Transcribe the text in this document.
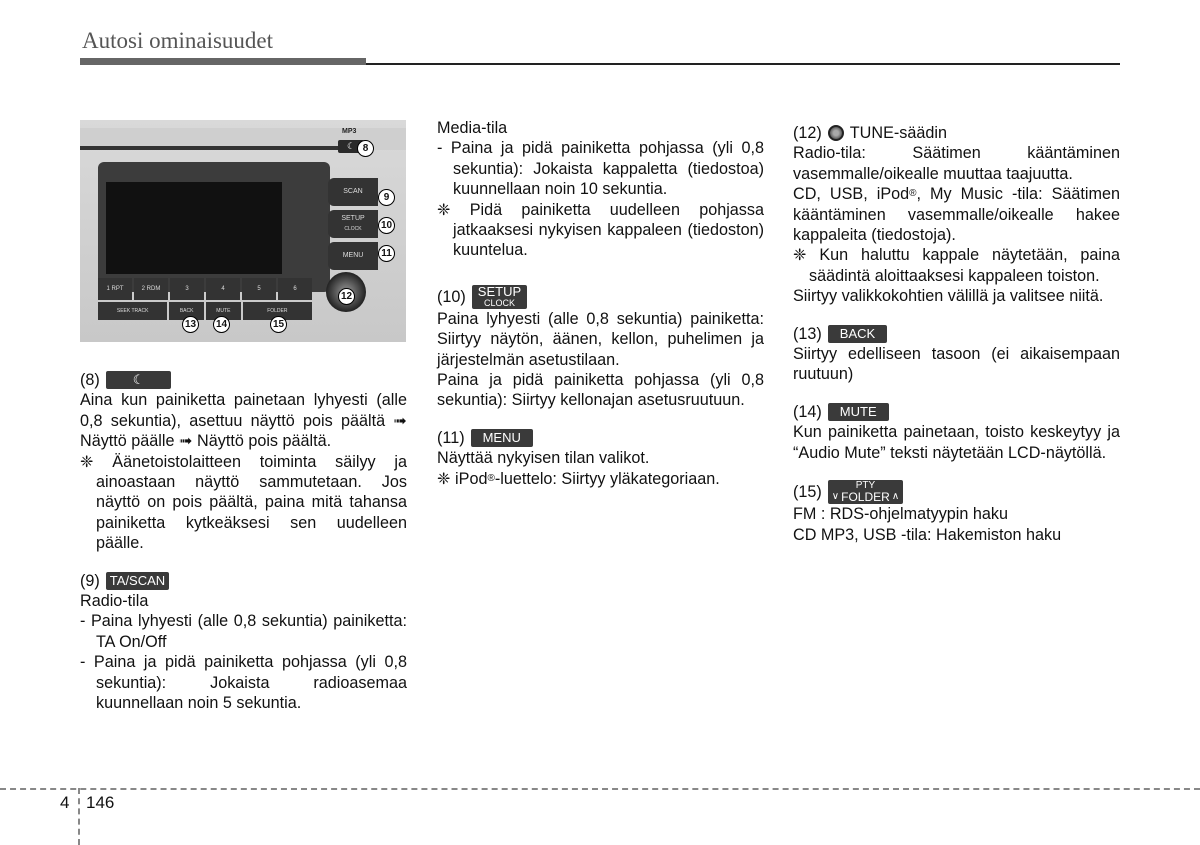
Autosi ominaisuudet
MP3
☾ 8
SCAN
9
SETUP
CLOCK	10
MENU	11
1 RPT	2 RDM	3	4	5	6
SEEK TRACK	BACK	MUTE	FOLDER
13 14	15
12
(8)	☾

Aina kun painiketta painetaan lyhyesti (alle 0,8 sekuntia), asettuu näyttö pois päältä ➟ Näyttö päälle ➟ Näyttö pois päältä.

❈ Äänetoistolaitteen toiminta säilyy ja ainoastaan näyttö sammutetaan. Jos näyttö on pois päältä, paina mitä tahansa painiketta kytkeäksesi sen uudelleen päälle.

(9) TA/SCAN

Radio-tila

- Paina lyhyesti (alle 0,8 sekuntia) painiketta: TA On/Off

- Paina ja pidä painiketta pohjassa (yli 0,8 sekuntia): Jokaista radioasemaa kuunnellaan noin 5 sekuntia.

Media-tila

- Paina ja pidä painiketta pohjassa (yli 0,8 sekuntia): Jokaista kappaletta (tiedostoa) kuunnellaan noin 10 sekuntia.

❈ Pidä painiketta uudelleen pohjassa jatkaaksesi nykyisen kappaleen (tiedoston) kuuntelua.

(10) SETUP
CLOCK

Paina lyhyesti (alle 0,8 sekuntia) painiketta: Siirtyy näytön, äänen, kellon, puhelimen ja järjestelmän asetustilaan.

Paina ja pidä painiketta pohjassa (yli 0,8 sekuntia): Siirtyy kellonajan asetusruutuun.

(11)	MENU

Näyttää nykyisen tilan valikot.

❈ iPod®-luettelo: Siirtyy yläkategoriaan.

(12) TUNE-säädin

Radio-tila: Säätimen kääntäminen vasemmalle/oikealle muuttaa taajuutta.

CD, USB, iPod®, My Music -tila: Säätimen kääntäminen vasemmalle/oikealle hakee kappaleita (tiedostoja).

❈ Kun haluttu kappale näytetään, paina säädintä aloittaaksesi kappaleen toiston.

Siirtyy valikkokohtien välillä ja valitsee niitä.

(13)	BACK

Siirtyy edelliseen tasoon (ei aikaisempaan ruutuun)

(14)	MUTE

Kun painiketta painetaan, toisto keskeytyy ja “Audio Mute” teksti näytetään LCD-näytöllä.

(15) ∨
PTY
FOLDER ∧

FM : RDS-ohjelmatyypin haku

CD MP3, USB -tila: Hakemiston haku

4 146
